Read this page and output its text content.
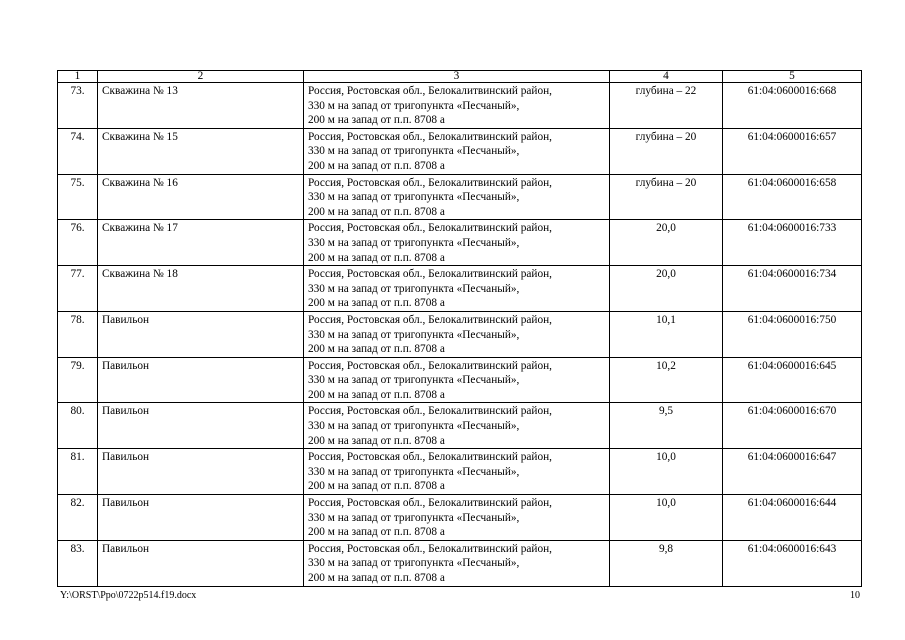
1	2	3	4	5
73.	Скважина № 13	Россия, Ростовская обл., Белокалитвинский район,
330 м на запад от тригопункта «Песчаный»,
200 м на запад от п.п. 8708 а	глубина – 22	61:04:0600016:668
74.	Скважина № 15	Россия, Ростовская обл., Белокалитвинский район,
330 м на запад от тригопункта «Песчаный»,
200 м на запад от п.п. 8708 а	глубина – 20	61:04:0600016:657
75.	Скважина № 16	Россия, Ростовская обл., Белокалитвинский район,
330 м на запад от тригопункта «Песчаный»,
200 м на запад от п.п. 8708 а	глубина – 20	61:04:0600016:658
76.	Скважина № 17	Россия, Ростовская обл., Белокалитвинский район,
330 м на запад от тригопункта «Песчаный»,
200 м на запад от п.п. 8708 а	20,0	61:04:0600016:733
77.	Скважина № 18	Россия, Ростовская обл., Белокалитвинский район,
330 м на запад от тригопункта «Песчаный»,
200 м на запад от п.п. 8708 а	20,0	61:04:0600016:734
78.	Павильон	Россия, Ростовская обл., Белокалитвинский район,
330 м на запад от тригопункта «Песчаный»,
200 м на запад от п.п. 8708 а	10,1	61:04:0600016:750
79.	Павильон	Россия, Ростовская обл., Белокалитвинский район,
330 м на запад от тригопункта «Песчаный»,
200 м на запад от п.п. 8708 а	10,2	61:04:0600016:645
80.	Павильон	Россия, Ростовская обл., Белокалитвинский район,
330 м на запад от тригопункта «Песчаный»,
200 м на запад от п.п. 8708 а	9,5	61:04:0600016:670
81.	Павильон	Россия, Ростовская обл., Белокалитвинский район,
330 м на запад от тригопункта «Песчаный»,
200 м на запад от п.п. 8708 а	10,0	61:04:0600016:647
82.	Павильон	Россия, Ростовская обл., Белокалитвинский район,
330 м на запад от тригопункта «Песчаный»,
200 м на запад от п.п. 8708 а	10,0	61:04:0600016:644
83.	Павильон	Россия, Ростовская обл., Белокалитвинский район,
330 м на запад от тригопункта «Песчаный»,
200 м на запад от п.п. 8708 а	9,8	61:04:0600016:643
Y:\ORST\Ppo\0722p514.f19.docx	10
